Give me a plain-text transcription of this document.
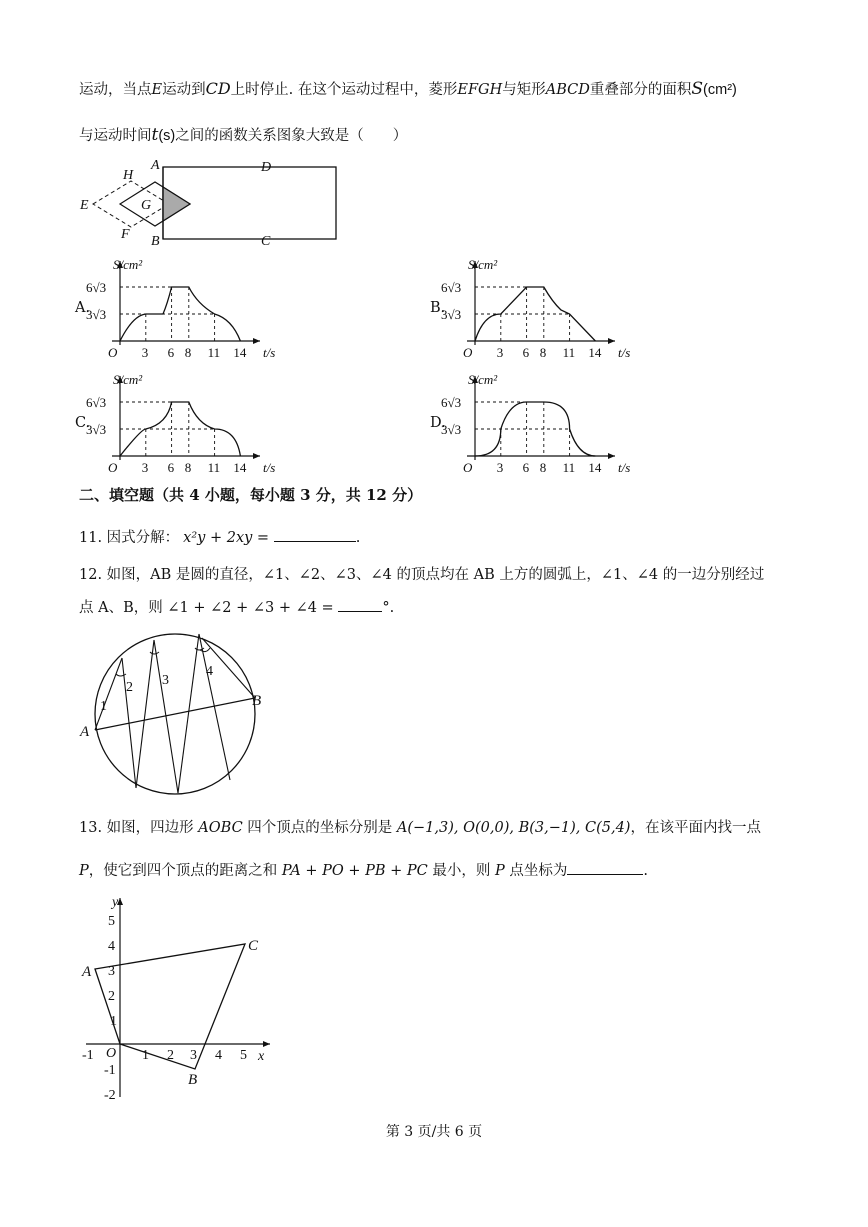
运动，当点E运动到CD上时停止. 在这个运动过程中，菱形EFGH与矩形ABCD重叠部分的面积S(cm²)
与运动时间t(s)之间的函数关系图象大致是（　　）
A	D
B	C
E
F
G
H
A.
S/cm²
6√3
3√3
O 3 6 8 11 14 t/s
B.
S/cm²
6√3
3√3
O 3 6 8 11 14 t/s
C.
S/cm²
6√3
3√3
O 3 6 8 11 14 t/s
D.
S/cm²
6√3
3√3
O 3 6 8 11 14 t/s
二、填空题（共 4 小题，每小题 3 分，共 12 分）
11. 因式分解： x²y + 2xy =	.
12. 如图，AB 是圆的直径，∠1、∠2、∠3、∠4 的顶点均在 AB 上方的圆弧上，∠1、∠4 的一边分别经过
点 A、B，则 ∠1 + ∠2 + ∠3 + ∠4 =	°.
1
2 3
4
A
B
13. 如图，四边形 AOBC 四个顶点的坐标分别是 A(−1,3), O(0,0), B(3,−1), C(5,4)，在该平面内找一点
P，使它到四个顶点的距离之和 PA + PO + PB + PC 最小，则 P 点坐标为	.
y
x
O
5
4
3
2
1
-1
-2
-1	1 2 3 4 5
A
B
C
第 3 页/共 6 页
